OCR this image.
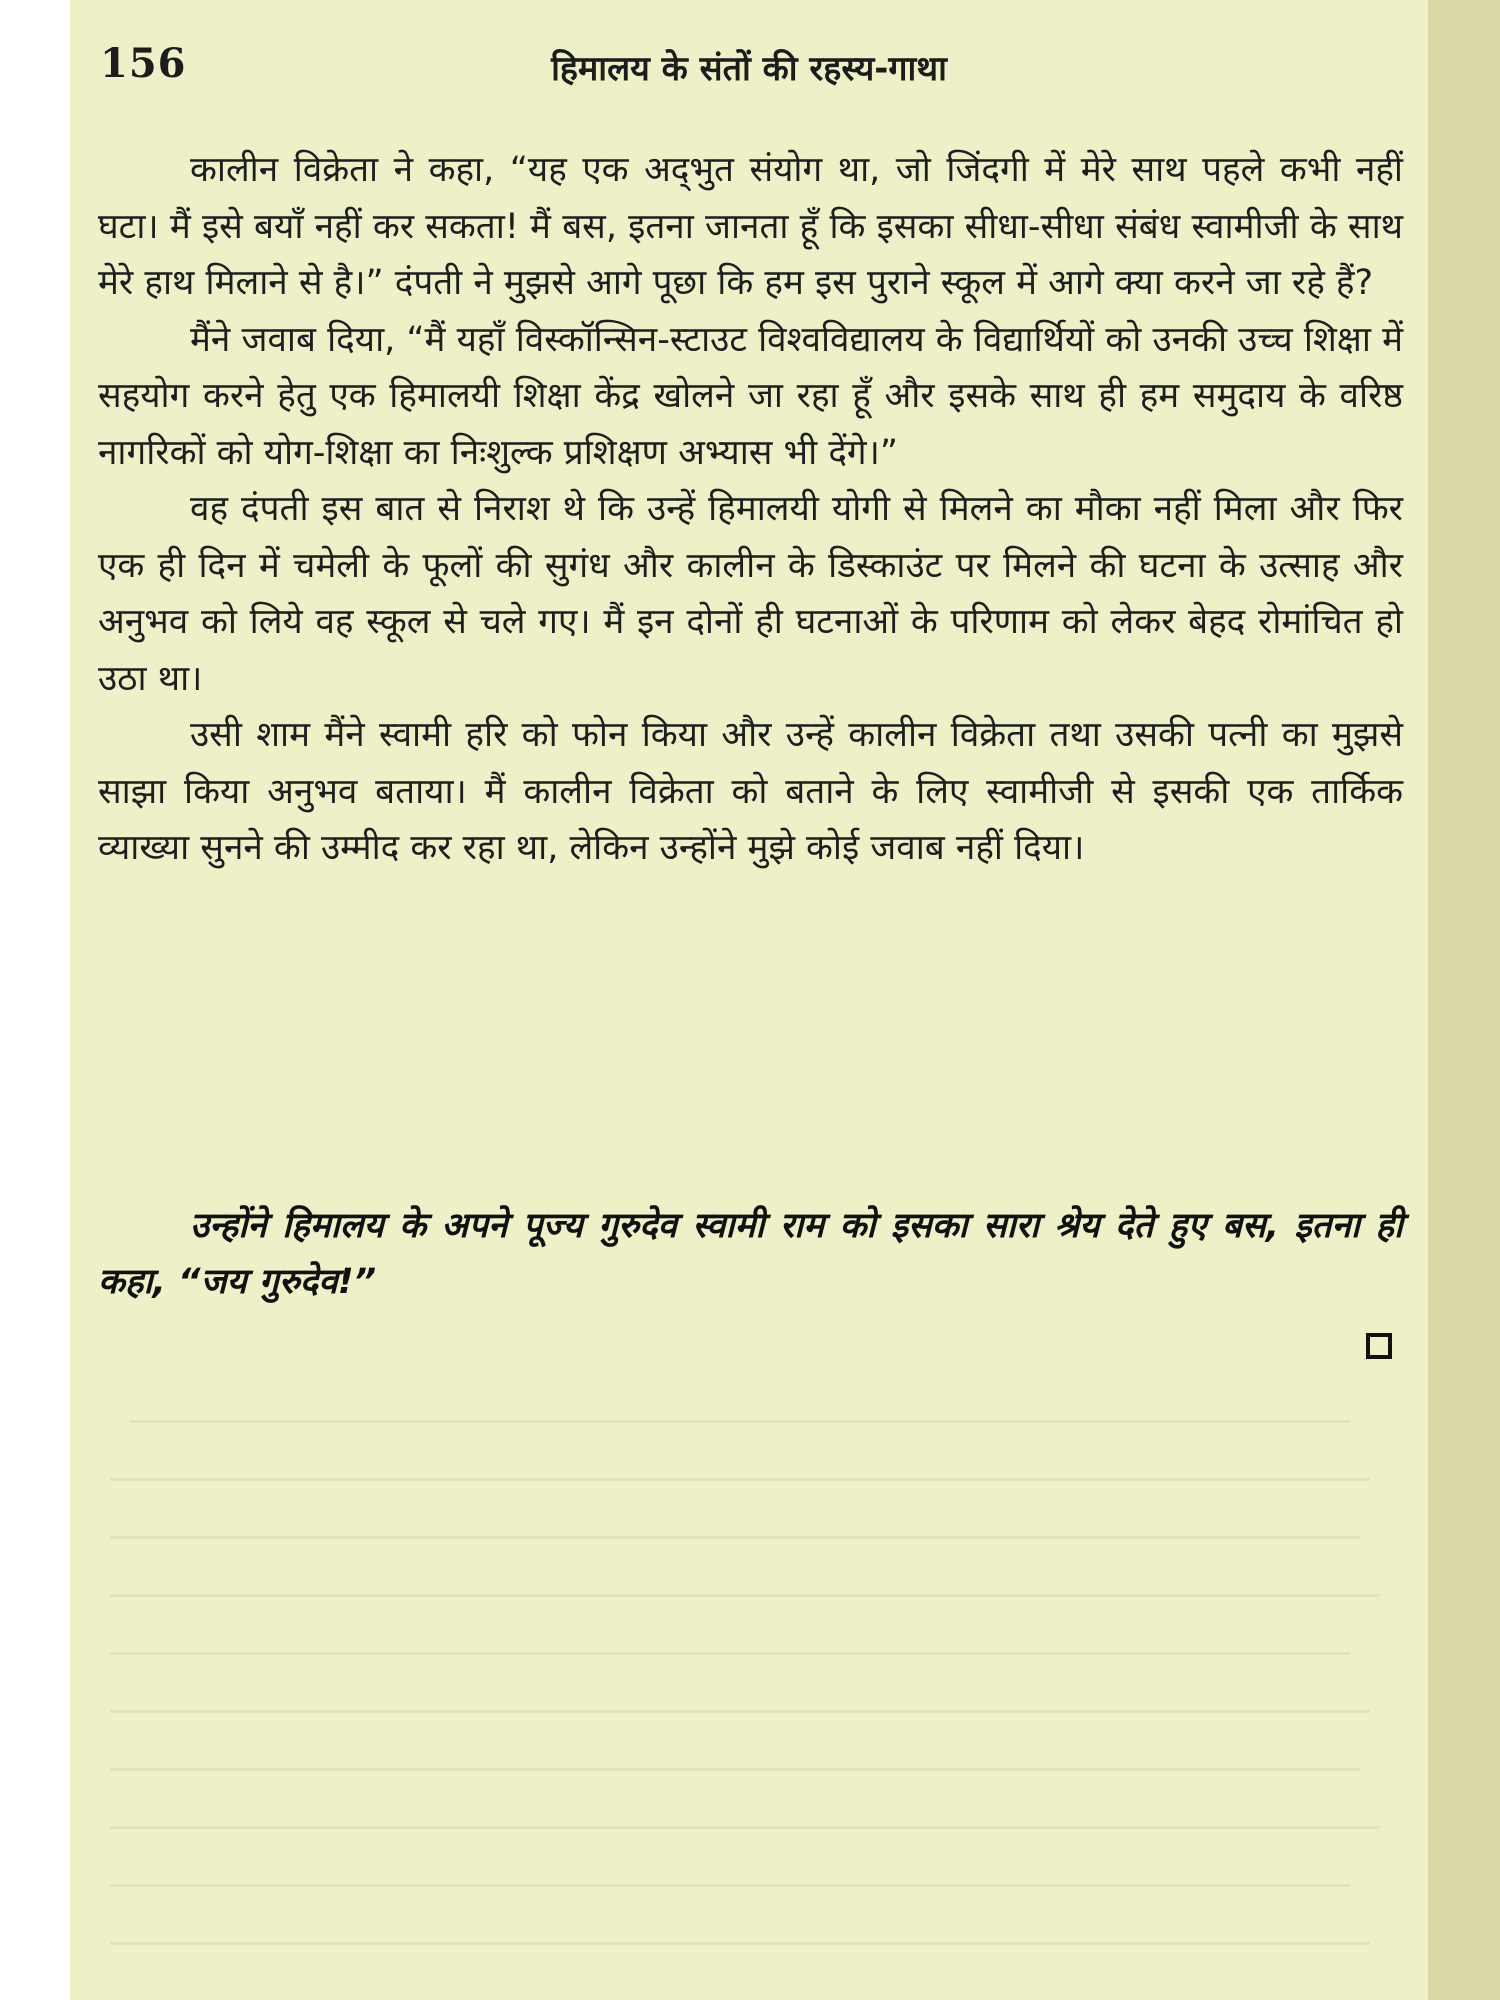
156	हिमालय के संतों की रहस्य-गाथा

कालीन विक्रेता ने कहा, “यह एक अद्‌भुत संयोग था, जो जिंदगी में मेरे साथ पहले कभी नहीं घटा। मैं इसे बयाँ नहीं कर सकता! मैं बस, इतना जानता हूँ कि इसका सीधा-सीधा संबंध स्वामीजी के साथ मेरे हाथ मिलाने से है।” दंपती ने मुझसे आगे पूछा कि हम इस पुराने स्कूल में आगे क्या करने जा रहे हैं?

मैंने जवाब दिया, “मैं यहाँ विस्कॉन्सिन-स्टाउट विश्वविद्यालय के विद्यार्थियों को उनकी उच्च शिक्षा में सहयोग करने हेतु एक हिमालयी शिक्षा केंद्र खोलने जा रहा हूँ और इसके साथ ही हम समुदाय के वरिष्ठ नागरिकों को योग-शिक्षा का निःशुल्क प्रशिक्षण अभ्यास भी देंगे।”

वह दंपती इस बात से निराश थे कि उन्हें हिमालयी योगी से मिलने का मौका नहीं मिला और फिर एक ही दिन में चमेली के फूलों की सुगंध और कालीन के डिस्काउंट पर मिलने की घटना के उत्साह और अनुभव को लिये वह स्कूल से चले गए। मैं इन दोनों ही घटनाओं के परिणाम को लेकर बेहद रोमांचित हो उठा था।

उसी शाम मैंने स्वामी हरि को फोन किया और उन्हें कालीन विक्रेता तथा उसकी पत्नी का मुझसे साझा किया अनुभव बताया। मैं कालीन विक्रेता को बताने के लिए स्वामीजी से इसकी एक तार्किक व्याख्या सुनने की उम्मीद कर रहा था, लेकिन उन्होंने मुझे कोई जवाब नहीं दिया।

उन्होंने हिमालय के अपने पूज्य गुरुदेव स्वामी राम को इसका सारा श्रेय देते हुए बस, इतना ही कहा, “जय गुरुदेव!”
